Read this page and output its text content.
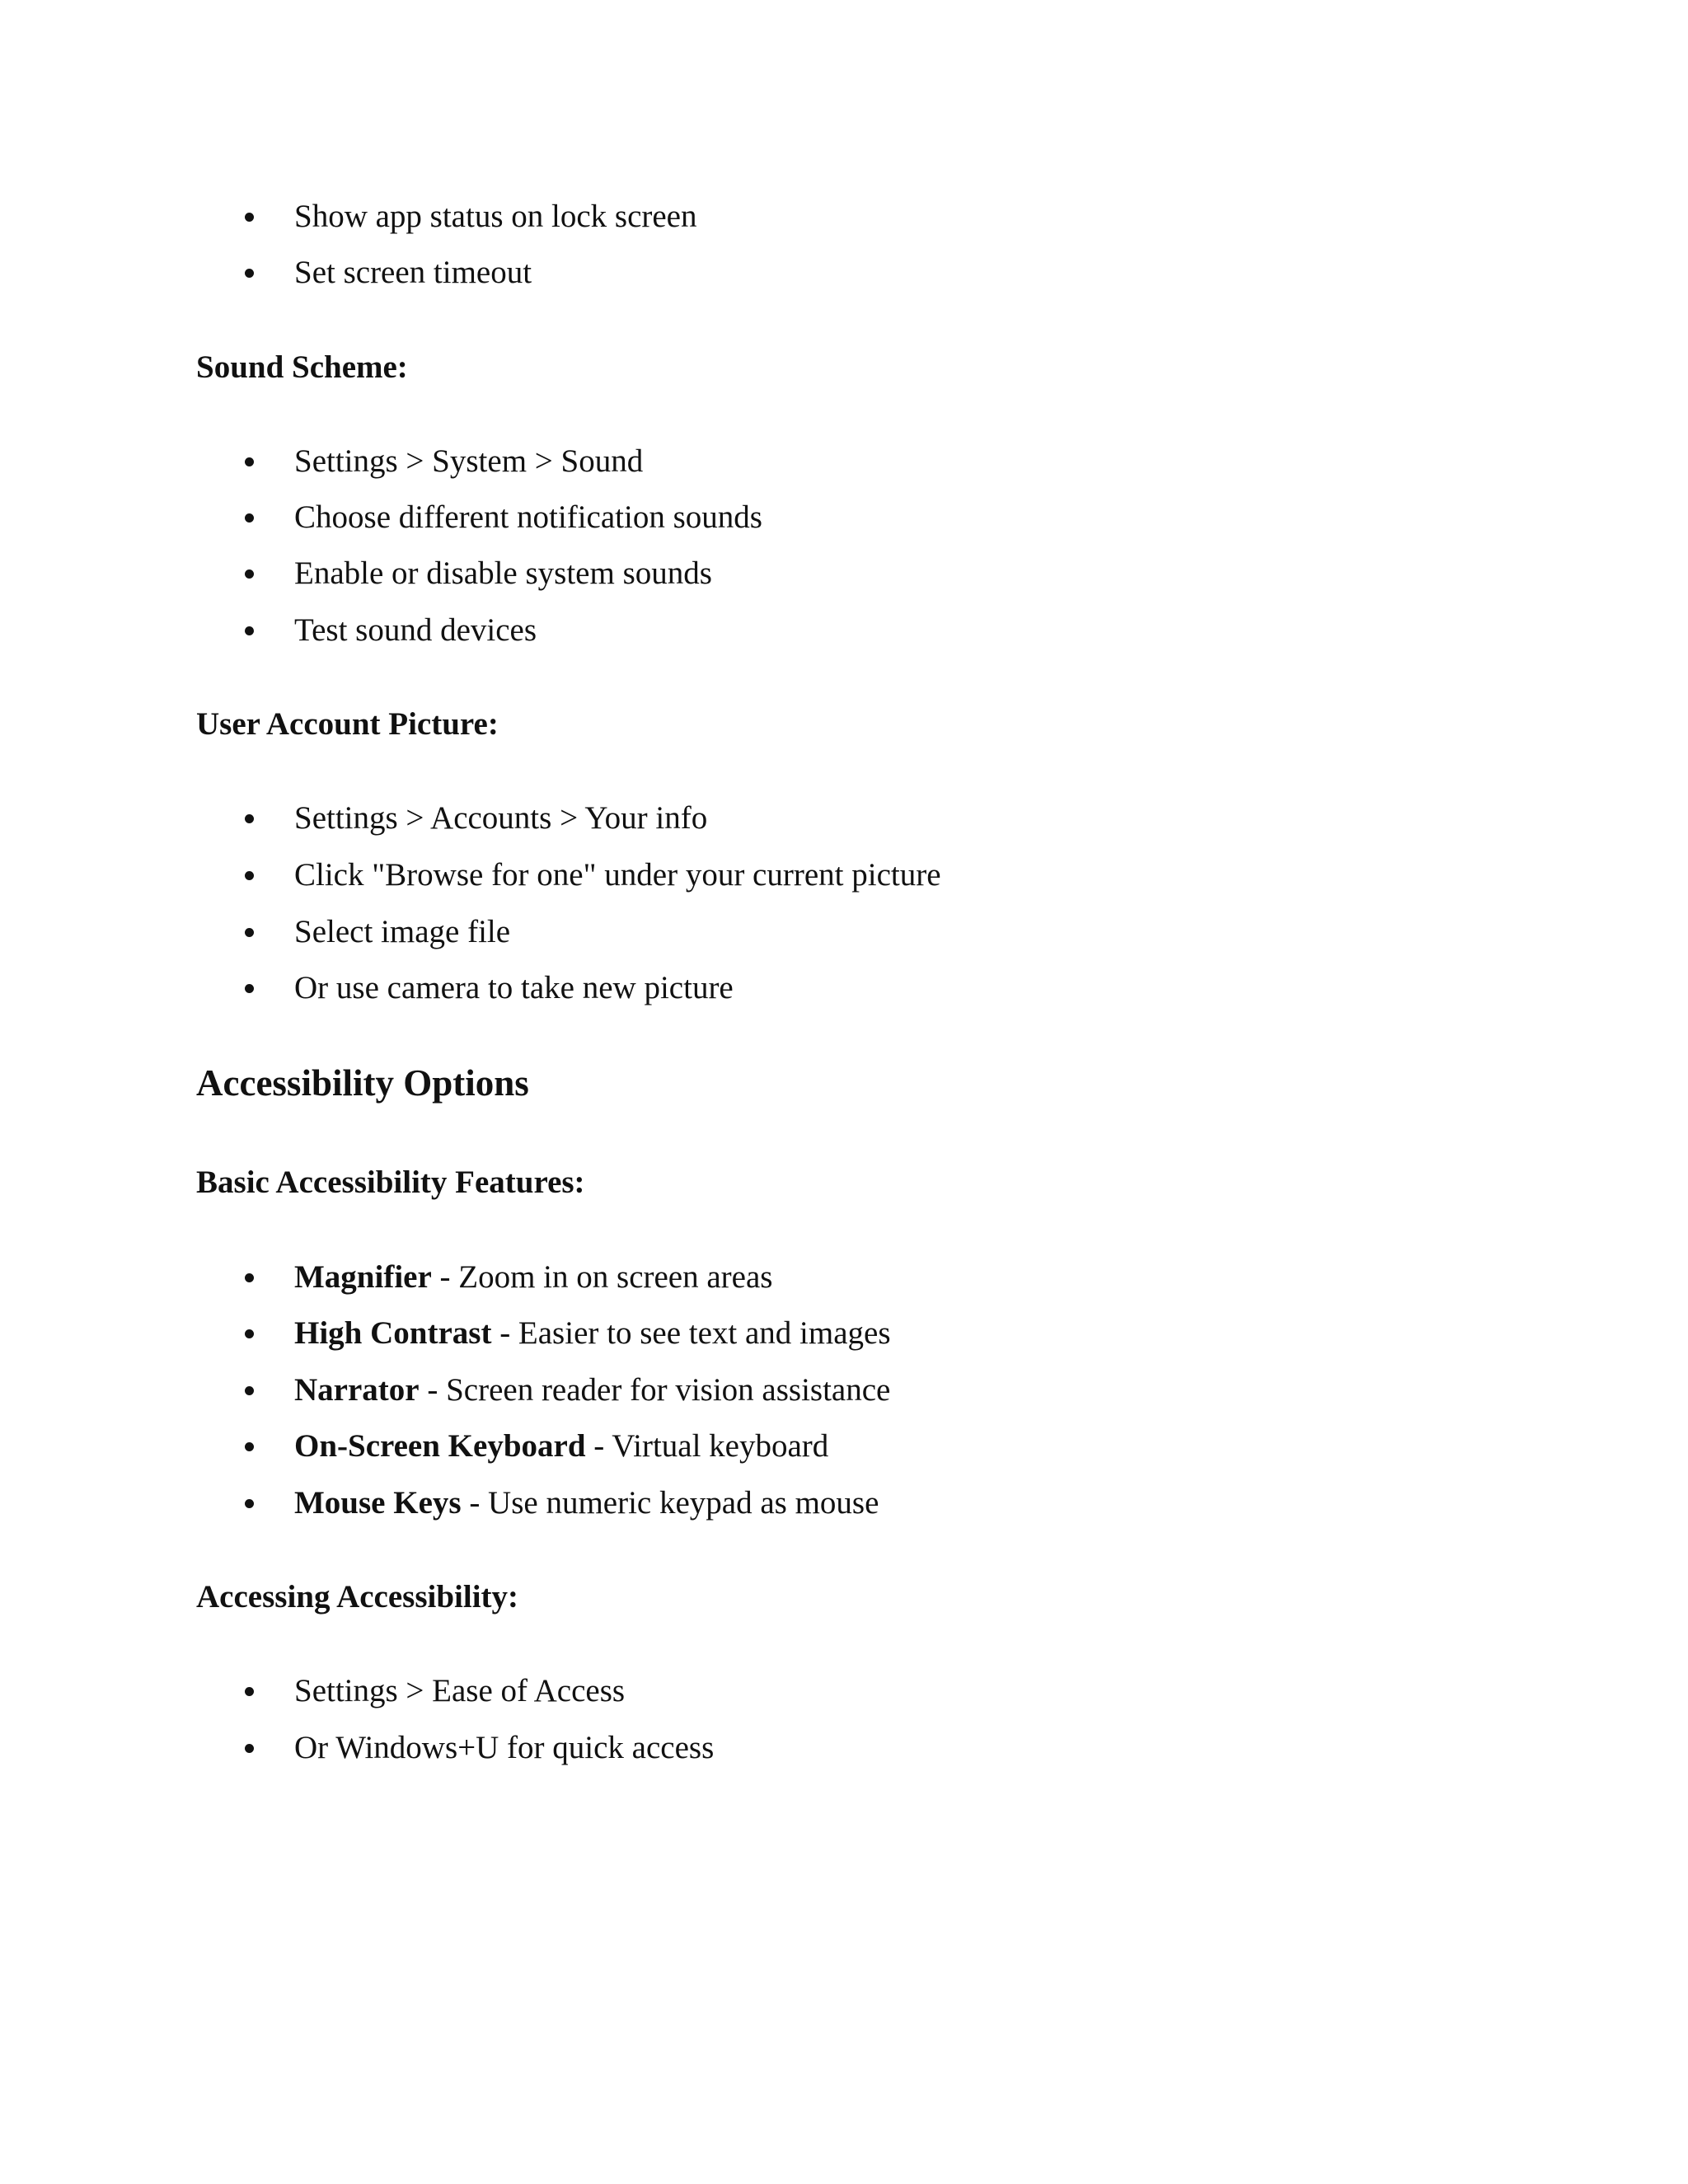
Show app status on lock screen

Set screen timeout

Sound Scheme:

Settings > System > Sound

Choose different notification sounds

Enable or disable system sounds

Test sound devices

User Account Picture:

Settings > Accounts > Your info

Click "Browse for one" under your current picture

Select image file

Or use camera to take new picture

Accessibility Options

Basic Accessibility Features:

Magnifier - Zoom in on screen areas

High Contrast - Easier to see text and images

Narrator - Screen reader for vision assistance

On-Screen Keyboard - Virtual keyboard

Mouse Keys - Use numeric keypad as mouse

Accessing Accessibility:

Settings > Ease of Access

Or Windows+U for quick access
